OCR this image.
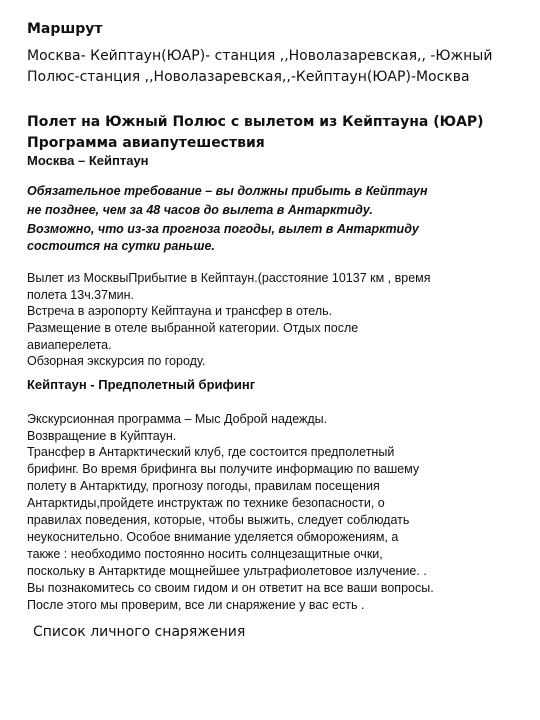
Маршрут
Москва- Кейптаун(ЮАР)- станция ,,Новолазаревская,, -Южный
Полюс-станция ,,Новолазаревская,,-Кейптаун(ЮАР)-Москва
Полет на Южный Полюс с вылетом из Кейптауна (ЮАР)
Программа авиапутешествия
Москва – Кейптаун
Обязательное требование – вы должны прибыть в Кейптаун
не позднее, чем за 48 часов до вылета в Антарктиду.
Возможно, что из-за прогноза погоды, вылет в Антарктиду
состоится на сутки раньше.
Вылет из МосквыПрибытие в Кейптаун.(расстояние 10137 км , время
полета 13ч.37мин.
Встреча в аэропорту Кейптауна и трансфер в отель.
Размещение в отеле выбранной категории. Отдых после
авиаперелета.
Обзорная экскурсия по городу.
Кейптаун - Предполетный брифинг
Экскурсионная программа – Мыс Доброй надежды.
Возвращение в Куйптаун.
Трансфер в Антарктический клуб, где состоится предполетный
брифинг. Во время брифинга вы получите информацию по вашему
полету в Антарктиду, прогнозу погоды, правилам посещения
Антарктиды,пройдете инструктаж по технике безопасности, о
правилах поведения, которые, чтобы выжить, следует соблюдать
неукоснительно. Особое внимание уделяется обморожениям, а
также : необходимо постоянно носить солнцезащитные очки,
поскольку в Антарктиде мощнейшее ультрафиолетовое излучение. .
Вы познакомитесь со своим гидом и он ответит на все ваши вопросы.
После этого мы проверим, все ли снаряжение у вас есть .
Список личного снаряжения
